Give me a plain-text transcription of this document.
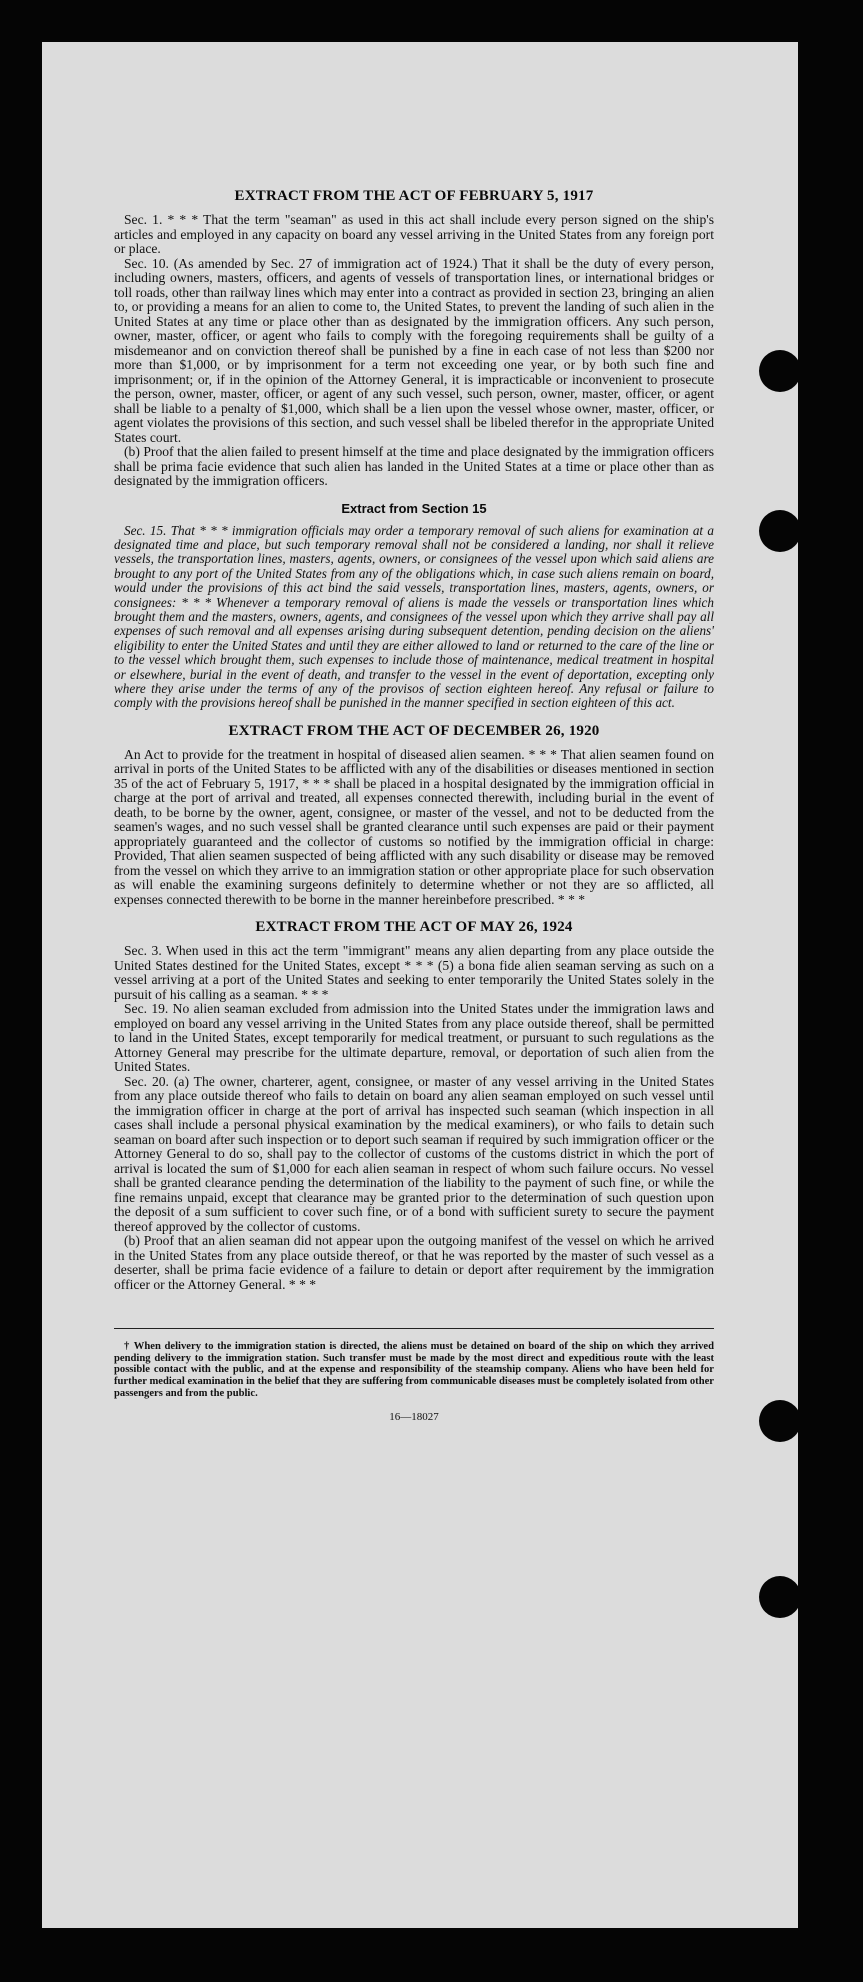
EXTRACT FROM THE ACT OF FEBRUARY 5, 1917

Sec. 1. * * * That the term "seaman" as used in this act shall include every person signed on the ship's articles and employed in any capacity on board any vessel arriving in the United States from any foreign port or place.

Sec. 10. (As amended by Sec. 27 of immigration act of 1924.) That it shall be the duty of every person, including owners, masters, officers, and agents of vessels of transportation lines, or international bridges or toll roads, other than railway lines which may enter into a contract as provided in section 23, bringing an alien to, or providing a means for an alien to come to, the United States, to prevent the landing of such alien in the United States at any time or place other than as designated by the immigration officers. Any such person, owner, master, officer, or agent who fails to comply with the foregoing requirements shall be guilty of a misdemeanor and on conviction thereof shall be punished by a fine in each case of not less than $200 nor more than $1,000, or by imprisonment for a term not exceeding one year, or by both such fine and imprisonment; or, if in the opinion of the Attorney General, it is impracticable or inconvenient to prosecute the person, owner, master, officer, or agent of any such vessel, such person, owner, master, officer, or agent shall be liable to a penalty of $1,000, which shall be a lien upon the vessel whose owner, master, officer, or agent violates the provisions of this section, and such vessel shall be libeled therefor in the appropriate United States court.

(b) Proof that the alien failed to present himself at the time and place designated by the immigration officers shall be prima facie evidence that such alien has landed in the United States at a time or place other than as designated by the immigration officers.

Extract from Section 15

Sec. 15. That * * * immigration officials may order a temporary removal of such aliens for examination at a designated time and place, but such temporary removal shall not be considered a landing, nor shall it relieve vessels, the transportation lines, masters, agents, owners, or consignees of the vessel upon which said aliens are brought to any port of the United States from any of the obligations which, in case such aliens remain on board, would under the provisions of this act bind the said vessels, transportation lines, masters, agents, owners, or consignees: * * * Whenever a temporary removal of aliens is made the vessels or transportation lines which brought them and the masters, owners, agents, and consignees of the vessel upon which they arrive shall pay all expenses of such removal and all expenses arising during subsequent detention, pending decision on the aliens' eligibility to enter the United States and until they are either allowed to land or returned to the care of the line or to the vessel which brought them, such expenses to include those of maintenance, medical treatment in hospital or elsewhere, burial in the event of death, and transfer to the vessel in the event of deportation, excepting only where they arise under the terms of any of the provisos of section eighteen hereof. Any refusal or failure to comply with the provisions hereof shall be punished in the manner specified in section eighteen of this act.

EXTRACT FROM THE ACT OF DECEMBER 26, 1920

An Act to provide for the treatment in hospital of diseased alien seamen. * * * That alien seamen found on arrival in ports of the United States to be afflicted with any of the disabilities or diseases mentioned in section 35 of the act of February 5, 1917, * * * shall be placed in a hospital designated by the immigration official in charge at the port of arrival and treated, all expenses connected therewith, including burial in the event of death, to be borne by the owner, agent, consignee, or master of the vessel, and not to be deducted from the seamen's wages, and no such vessel shall be granted clearance until such expenses are paid or their payment appropriately guaranteed and the collector of customs so notified by the immigration official in charge: Provided, That alien seamen suspected of being afflicted with any such disability or disease may be removed from the vessel on which they arrive to an immigration station or other appropriate place for such observation as will enable the examining surgeons definitely to determine whether or not they are so afflicted, all expenses connected therewith to be borne in the manner hereinbefore prescribed. * * *

EXTRACT FROM THE ACT OF MAY 26, 1924

Sec. 3. When used in this act the term "immigrant" means any alien departing from any place outside the United States destined for the United States, except * * * (5) a bona fide alien seaman serving as such on a vessel arriving at a port of the United States and seeking to enter temporarily the United States solely in the pursuit of his calling as a seaman. * * *

Sec. 19. No alien seaman excluded from admission into the United States under the immigration laws and employed on board any vessel arriving in the United States from any place outside thereof, shall be permitted to land in the United States, except temporarily for medical treatment, or pursuant to such regulations as the Attorney General may prescribe for the ultimate departure, removal, or deportation of such alien from the United States.

Sec. 20. (a) The owner, charterer, agent, consignee, or master of any vessel arriving in the United States from any place outside thereof who fails to detain on board any alien seaman employed on such vessel until the immigration officer in charge at the port of arrival has inspected such seaman (which inspection in all cases shall include a personal physical examination by the medical examiners), or who fails to detain such seaman on board after such inspection or to deport such seaman if required by such immigration officer or the Attorney General to do so, shall pay to the collector of customs of the customs district in which the port of arrival is located the sum of $1,000 for each alien seaman in respect of whom such failure occurs. No vessel shall be granted clearance pending the determination of the liability to the payment of such fine, or while the fine remains unpaid, except that clearance may be granted prior to the determination of such question upon the deposit of a sum sufficient to cover such fine, or of a bond with sufficient surety to secure the payment thereof approved by the collector of customs.

(b) Proof that an alien seaman did not appear upon the outgoing manifest of the vessel on which he arrived in the United States from any place outside thereof, or that he was reported by the master of such vessel as a deserter, shall be prima facie evidence of a failure to detain or deport after requirement by the immigration officer or the Attorney General. * * *

† When delivery to the immigration station is directed, the aliens must be detained on board of the ship on which they arrived pending delivery to the immigration station. Such transfer must be made by the most direct and expeditious route with the least possible contact with the public, and at the expense and responsibility of the steamship company. Aliens who have been held for further medical examination in the belief that they are suffering from communicable diseases must be completely isolated from other passengers and from the public.

16—18027
